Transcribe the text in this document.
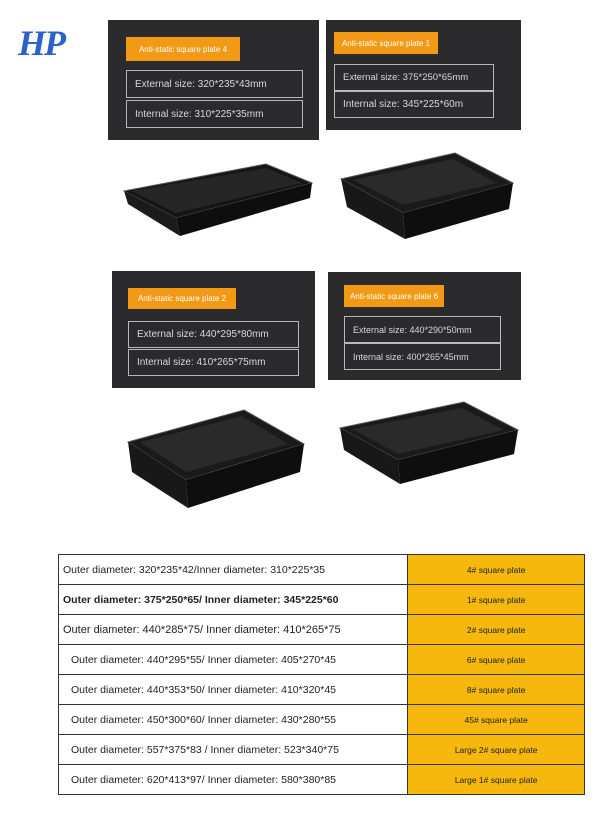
HP	Anti-static square plate 4
External size: 320*235*43mm
Internal size: 310*225*35mm
Anti-static square plate 1
External size: 375*250*65mm
Internal size: 345*225*60m
Anti-static square plate 2
External size: 440*295*80mm
Internal size: 410*265*75mm
Anti-static square plate 6
External size: 440*290*50mm
Internal size: 400*265*45mm
Outer diameter: 320*235*42/Inner diameter: 310*225*35	4# square plate

Outer diameter: 375*250*65/ Inner diameter: 345*225*60	1# square plate

Outer diameter: 440*285*75/ Inner diameter: 410*265*75	2# square plate

Outer diameter: 440*295*55/ Inner diameter: 405*270*45	6# square plate

Outer diameter: 440*353*50/ Inner diameter: 410*320*45	8# square plate

Outer diameter: 450*300*60/ Inner diameter: 430*280*55	45# square plate

Outer diameter: 557*375*83 / Inner diameter: 523*340*75	Large 2# square plate

Outer diameter: 620*413*97/ Inner diameter: 580*380*85	Large 1# square plate
